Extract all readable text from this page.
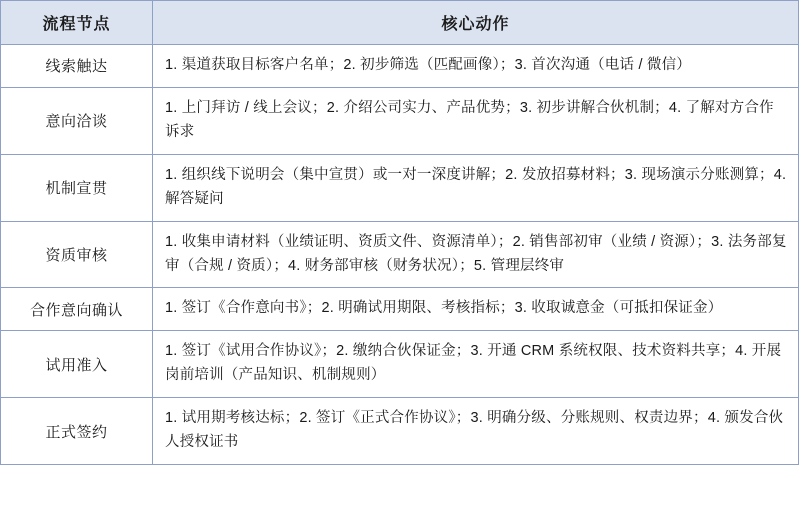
流程节点	核心动作
线索触达	1. 渠道获取目标客户名单；2. 初步筛选（匹配画像）；3. 首次沟通（电话 / 微信）
意向洽谈	1. 上门拜访 / 线上会议；2. 介绍公司实力、产品优势；3. 初步讲解合伙机制；4. 了解对方合作诉求
机制宣贯	1. 组织线下说明会（集中宣贯）或一对一深度讲解；2. 发放招募材料；3. 现场演示分账测算；4. 解答疑问
资质审核	1. 收集申请材料（业绩证明、资质文件、资源清单）；2. 销售部初审（业绩 / 资源）；3. 法务部复审（合规 / 资质）；4. 财务部审核（财务状况）；5. 管理层终审
合作意向确认	1. 签订《合作意向书》；2. 明确试用期限、考核指标；3. 收取诚意金（可抵扣保证金）
试用准入	1. 签订《试用合作协议》；2. 缴纳合伙保证金；3. 开通 CRM 系统权限、技术资料共享；4. 开展岗前培训（产品知识、机制规则）
正式签约	1. 试用期考核达标；2. 签订《正式合作协议》；3. 明确分级、分账规则、权责边界；4. 颁发合伙人授权证书
